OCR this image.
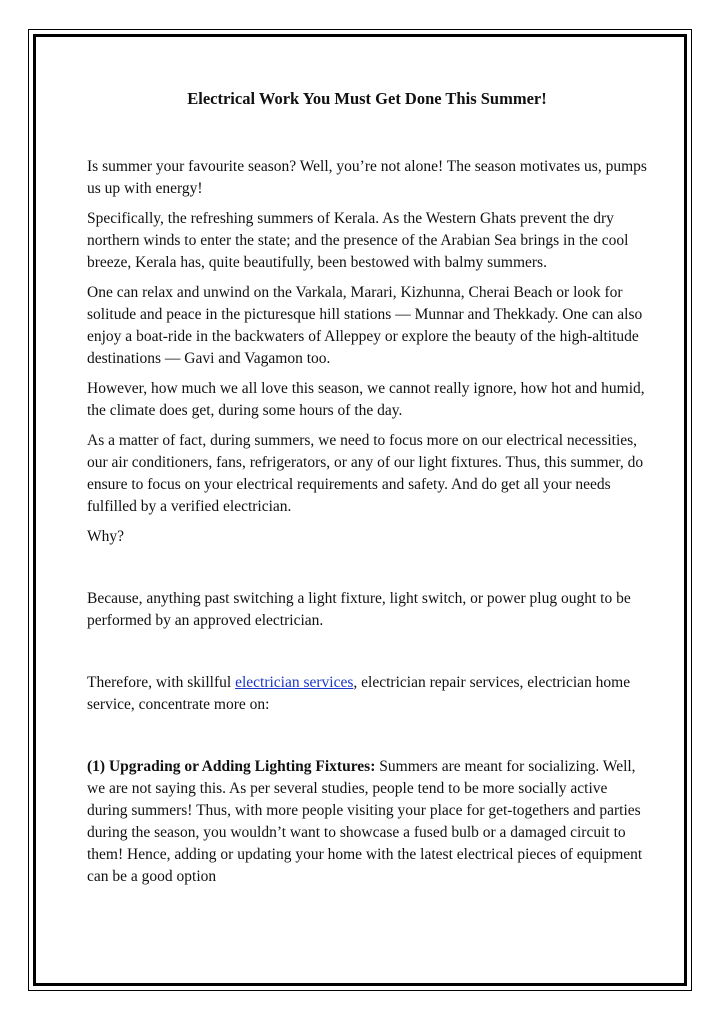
Electrical Work You Must Get Done This Summer!

Is summer your favourite season? Well, you’re not alone! The season motivates us, pumps us up with energy!

Specifically, the refreshing summers of Kerala. As the Western Ghats prevent the dry northern winds to enter the state; and the presence of the Arabian Sea brings in the cool breeze, Kerala has, quite beautifully, been bestowed with balmy summers.

One can relax and unwind on the Varkala, Marari, Kizhunna, Cherai Beach or look for solitude and peace in the picturesque hill stations — Munnar and Thekkady. One can also enjoy a boat-ride in the backwaters of Alleppey or explore the beauty of the high-altitude destinations — Gavi and Vagamon too.

However, how much we all love this season, we cannot really ignore, how hot and humid, the climate does get, during some hours of the day.

As a matter of fact, during summers, we need to focus more on our electrical necessities, our air conditioners, fans, refrigerators, or any of our light fixtures. Thus, this summer, do ensure to focus on your electrical requirements and safety. And do get all your needs fulfilled by a verified electrician.

Why?

Because, anything past switching a light fixture, light switch, or power plug ought to be performed by an approved electrician.

Therefore, with skillful electrician services, electrician repair services, electrician home service, concentrate more on:

(1) Upgrading or Adding Lighting Fixtures: Summers are meant for socializing. Well, we are not saying this. As per several studies, people tend to be more socially active during summers! Thus, with more people visiting your place for get-togethers and parties during the season, you wouldn’t want to showcase a fused bulb or a damaged circuit to them! Hence, adding or updating your home with the latest electrical pieces of equipment can be a good option
